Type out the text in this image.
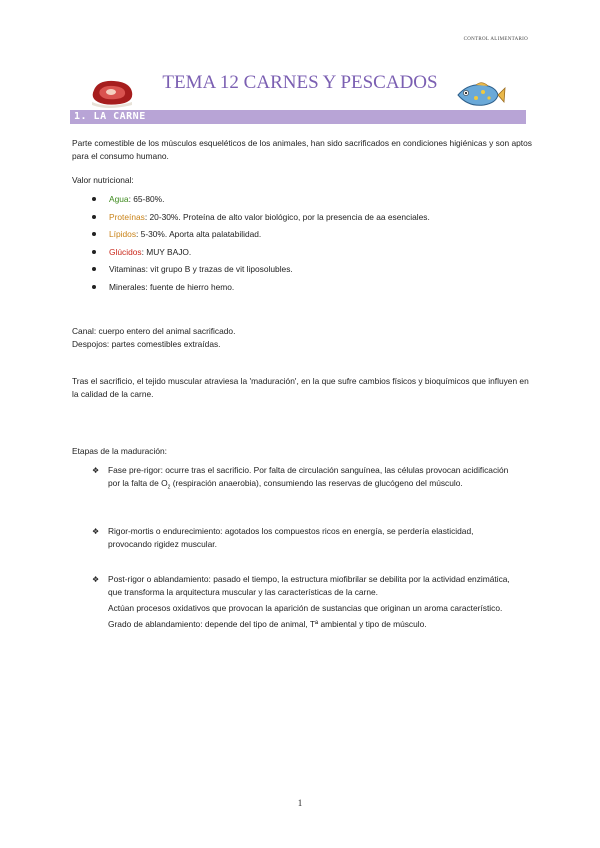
CONTROL ALIMENTARIO
TEMA 12 CARNES Y PESCADOS
1. LA CARNE
Parte comestible de los músculos esqueléticos de los animales, han sido sacrificados en condiciones higiénicas y son aptos para el consumo humano.
Valor nutricional:
Agua: 65-80%.
Proteínas: 20-30%. Proteína de alto valor biológico, por la presencia de aa esenciales.
Lípidos: 5-30%. Aporta alta palatabilidad.
Glúcidos: MUY BAJO.
Vitaminas: vit grupo B y trazas de vit liposolubles.
Minerales: fuente de hierro hemo.
Canal: cuerpo entero del animal sacrificado.
Despojos: partes comestibles extraídas.
Tras el sacrificio, el tejido muscular atraviesa la 'maduración', en la que sufre cambios físicos y bioquímicos que influyen en la calidad de la carne.
Etapas de la maduración:
❖ Fase pre-rigor: ocurre tras el sacrificio. Por falta de circulación sanguínea, las células provocan acidificación por la falta de $O_2$ (respiración anaerobia), consumiendo las reservas de glucógeno del músculo.

❖ Rigor-mortis o endurecimiento: agotados los compuestos ricos en energía, se perdería elasticidad, provocando rigidez muscular.

❖ Post-rigor o ablandamiento: pasado el tiempo, la estructura miofibrilar se debilita por la actividad enzimática, que transforma la arquitectura muscular y las características de la carne.

Actúan procesos oxidativos que provocan la aparición de sustancias que originan un aroma característico.

Grado de ablandamiento: depende del tipo de animal, Tª ambiental y tipo de músculo.

1
